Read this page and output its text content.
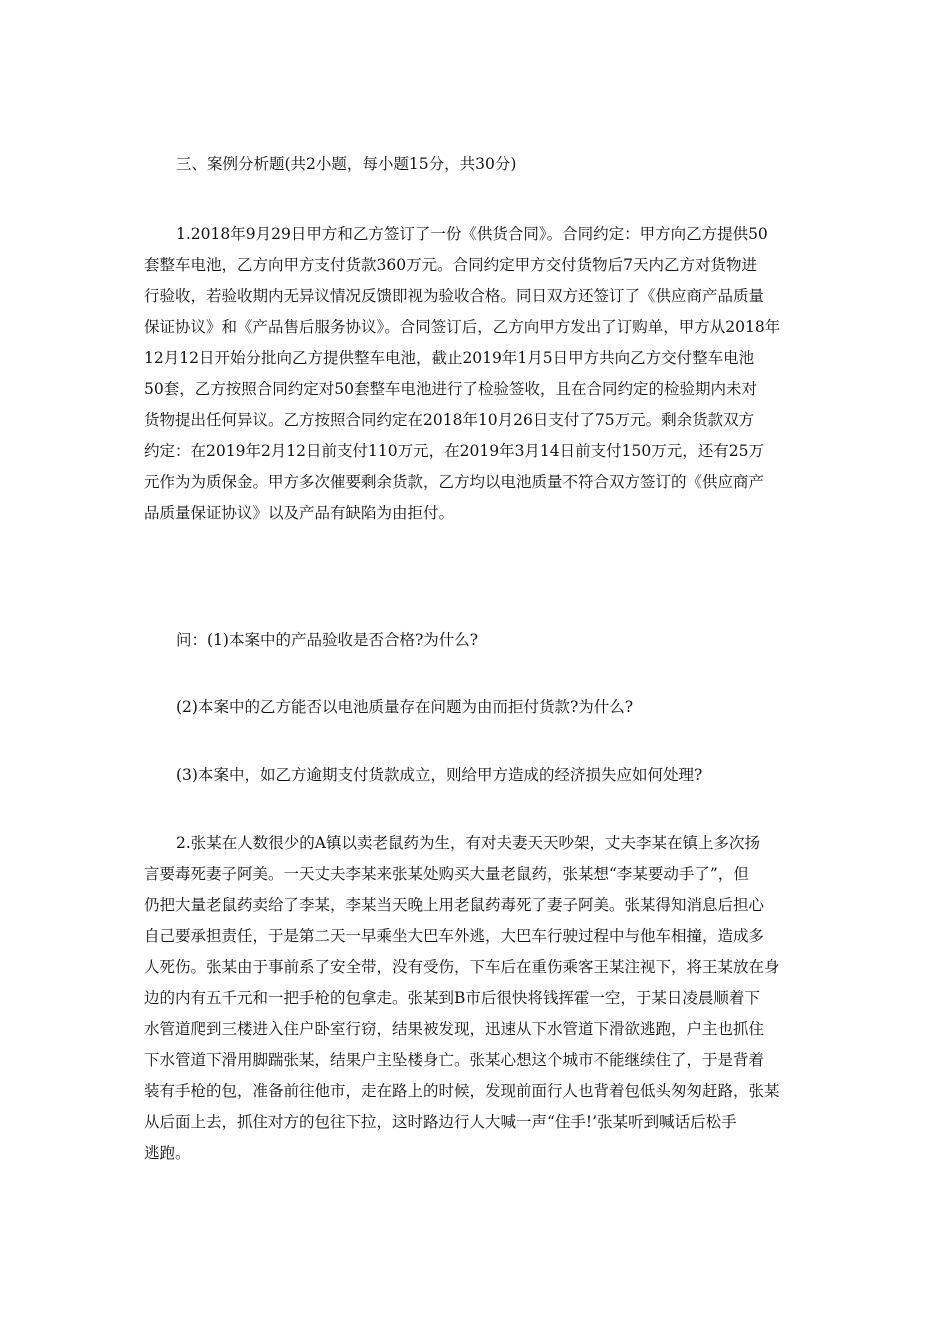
三、案例分析题(共2小题，每小题15分，共30分)
1.2018年9月29日甲方和乙方签订了一份《供货合同》。合同约定：甲方向乙方提供50
套整车电池，乙方向甲方支付货款360万元。合同约定甲方交付货物后7天内乙方对货物进
行验收，若验收期内无异议情况反馈即视为验收合格。同日双方还签订了《供应商产品质量
保证协议》和《产品售后服务协议》。合同签订后，乙方向甲方发出了订购单，甲方从2018年
12月12日开始分批向乙方提供整车电池，截止2019年1月5日甲方共向乙方交付整车电池
50套，乙方按照合同约定对50套整车电池进行了检验签收，且在合同约定的检验期内未对
货物提出任何异议。乙方按照合同约定在2018年10月26日支付了75万元。剩余货款双方
约定：在2019年2月12日前支付110万元，在2019年3月14日前支付150万元，还有25万
元作为为质保金。甲方多次催要剩余货款，乙方均以电池质量不符合双方签订的《供应商产
品质量保证协议》以及产品有缺陷为由拒付。
问：(1)本案中的产品验收是否合格?为什么?
(2)本案中的乙方能否以电池质量存在问题为由而拒付货款?为什么?
(3)本案中，如乙方逾期支付货款成立，则给甲方造成的经济损失应如何处理?
2.张某在人数很少的A镇以卖老鼠药为生，有对夫妻天天吵架，丈夫李某在镇上多次扬
言要毒死妻子阿美。一天丈夫李某来张某处购买大量老鼠药，张某想“李某要动手了”，但
仍把大量老鼠药卖给了李某，李某当天晚上用老鼠药毒死了妻子阿美。张某得知消息后担心
自己要承担责任，于是第二天一早乘坐大巴车外逃，大巴车行驶过程中与他车相撞，造成多
人死伤。张某由于事前系了安全带，没有受伤，下车后在重伤乘客王某注视下，将王某放在身
边的内有五千元和一把手枪的包拿走。张某到B市后很快将钱挥霍一空，于某日凌晨顺着下
水管道爬到三楼进入住户卧室行窃，结果被发现，迅速从下水管道下滑欲逃跑，户主也抓住
下水管道下滑用脚踹张某，结果户主坠楼身亡。张某心想这个城市不能继续住了，于是背着
装有手枪的包，准备前往他市，走在路上的时候，发现前面行人也背着包低头匆匆赶路，张某
从后面上去，抓住对方的包往下拉，这时路边行人大喊一声“住手!’张某听到喊话后松手
逃跑。
